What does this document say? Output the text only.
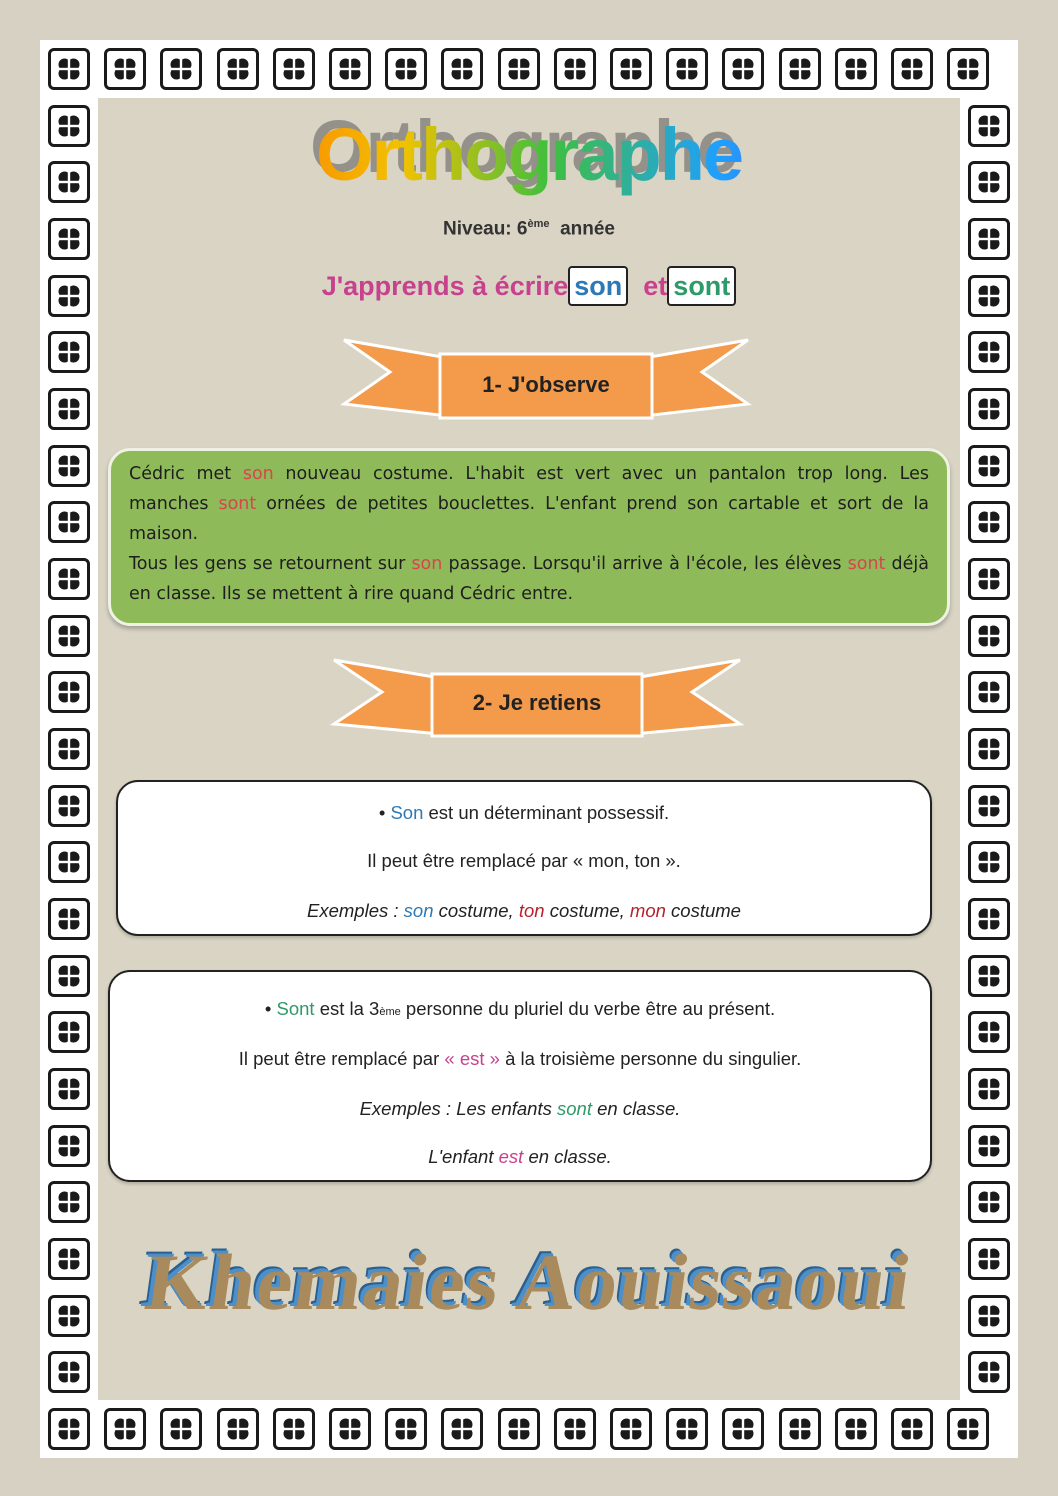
Orthographe
Niveau: 6ème année
J'apprends à écrire son et sont
1- J'observe
Cédric met son nouveau costume. L'habit est vert avec un pantalon trop long. Les manches sont ornées de petites bouclettes. L'enfant prend son cartable et sort de la maison.
Tous les gens se retournent sur son passage. Lorsqu'il arrive à l'école, les élèves sont déjà en classe. Ils se mettent à rire quand Cédric entre.
2- Je retiens
• Son est un déterminant possessif.
Il peut être remplacé par « mon, ton ».
Exemples : son costume, ton costume, mon costume
• Sont est la 3ème personne du pluriel du verbe être au présent.
Il peut être remplacé par « est » à la troisième personne du singulier.
Exemples : Les enfants sont en classe.
L'enfant est en classe.
Khemaies Aouissaoui
